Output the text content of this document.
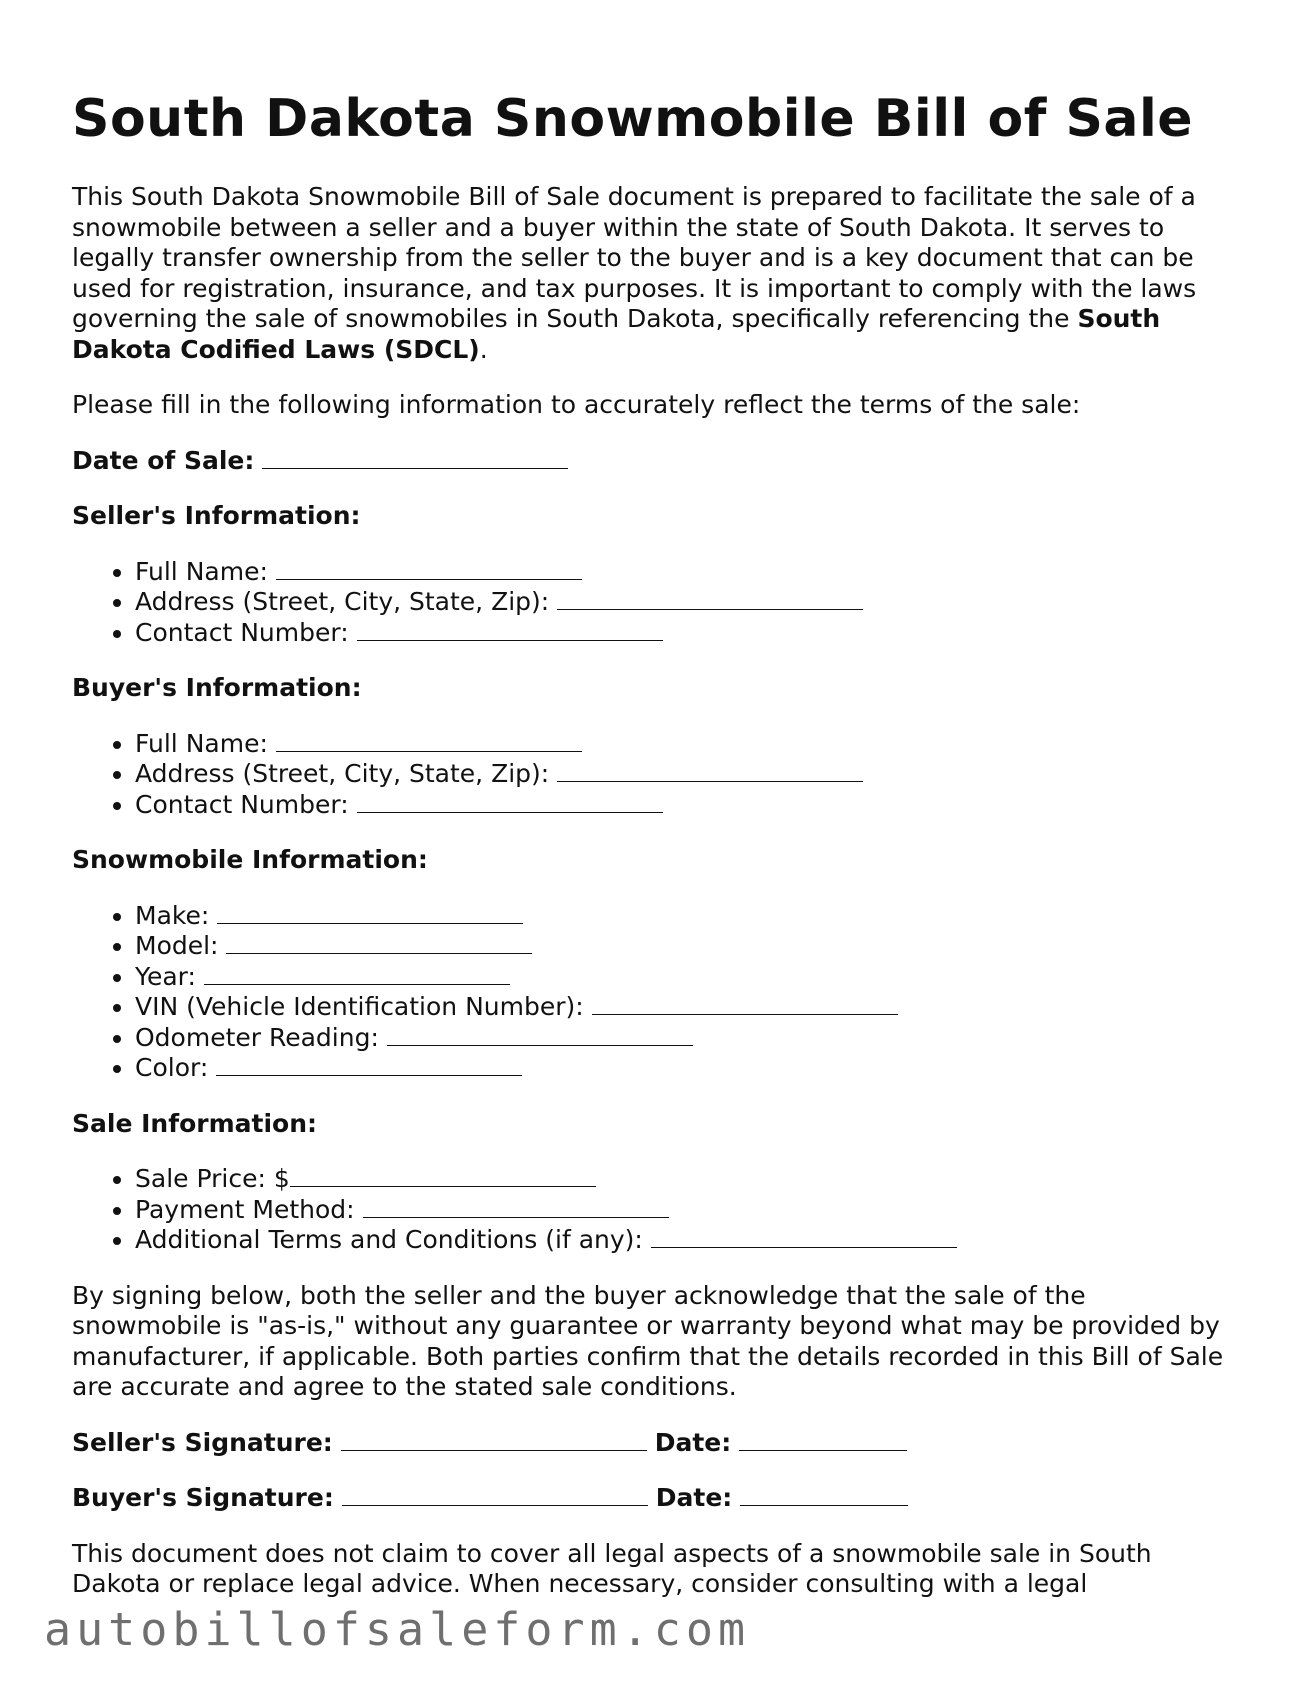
South Dakota Snowmobile Bill of Sale

This South Dakota Snowmobile Bill of Sale document is prepared to facilitate the sale of a snowmobile between a seller and a buyer within the state of South Dakota. It serves to legally transfer ownership from the seller to the buyer and is a key document that can be used for registration, insurance, and tax purposes. It is important to comply with the laws governing the sale of snowmobiles in South Dakota, specifically referencing the South Dakota Codified Laws (SDCL).

Please fill in the following information to accurately reflect the terms of the sale:

Date of Sale:
Seller's Information:
• Full Name:
• Address (Street, City, State, Zip):
• Contact Number:
Buyer's Information:
• Full Name:
• Address (Street, City, State, Zip):
• Contact Number:
Snowmobile Information:
• Make:
• Model:
• Year:
• VIN (Vehicle Identification Number):
• Odometer Reading:
• Color:
Sale Information:
• Sale Price: $
• Payment Method:
• Additional Terms and Conditions (if any):

By signing below, both the seller and the buyer acknowledge that the sale of the snowmobile is "as-is," without any guarantee or warranty beyond what may be provided by manufacturer, if applicable. Both parties confirm that the details recorded in this Bill of Sale are accurate and agree to the stated sale conditions.

Seller's Signature:	Date:
Buyer's Signature:	Date:

This document does not claim to cover all legal aspects of a snowmobile sale in South Dakota or replace legal advice. When necessary, consider consulting with a legal

autobillofsaleform.com
